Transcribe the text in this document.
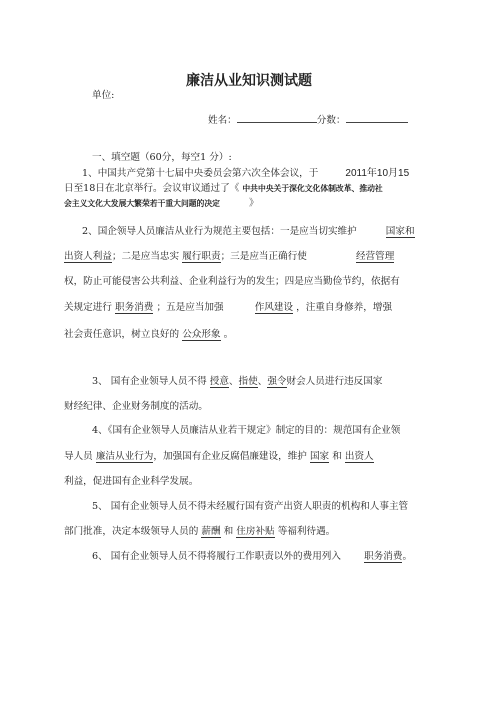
廉洁从业知识测试题
单位:
姓名：	分数：
一、填空题（60分，每空1 分）:
1、中国共产党第十七届中央委员会第六次全体会议，于	2011年10月15
日至18日在北京举行。会议审议通过了《 中共中央关于深化文化体制改革、推动社
会主义文化大发展大繁荣若干重大问题的决定	》
2、国企领导人员廉洁从业行为规范主要包括：一是应当切实维护	国家和
出资人利益；二是应当忠实 履行职责；三是应当正确行使	经营管理
权，防止可能侵害公共利益、企业利益行为的发生；四是应当勤俭节约，依据有
关规定进行 职务消费 ；五是应当加强	作风建设 ，注重自身修养，增强
社会责任意识，树立良好的 公众形象 。
3、 国有企业领导人员不得 授意、指使、强令财会人员进行违反国家
财经纪律、企业财务制度的活动。
4、《国有企业领导人员廉洁从业若干规定》制定的目的：规范国有企业领
导人员 廉洁从业行为，加强国有企业反腐倡廉建设，维护 国家 和 出资人
利益，促进国有企业科学发展。
5、 国有企业领导人员不得未经履行国有资产出资人职责的机构和人事主管
部门批准，决定本级领导人员的 薪酬 和 住房补贴 等福利待遇。
6、 国有企业领导人员不得将履行工作职责以外的费用列入 职务消费。
